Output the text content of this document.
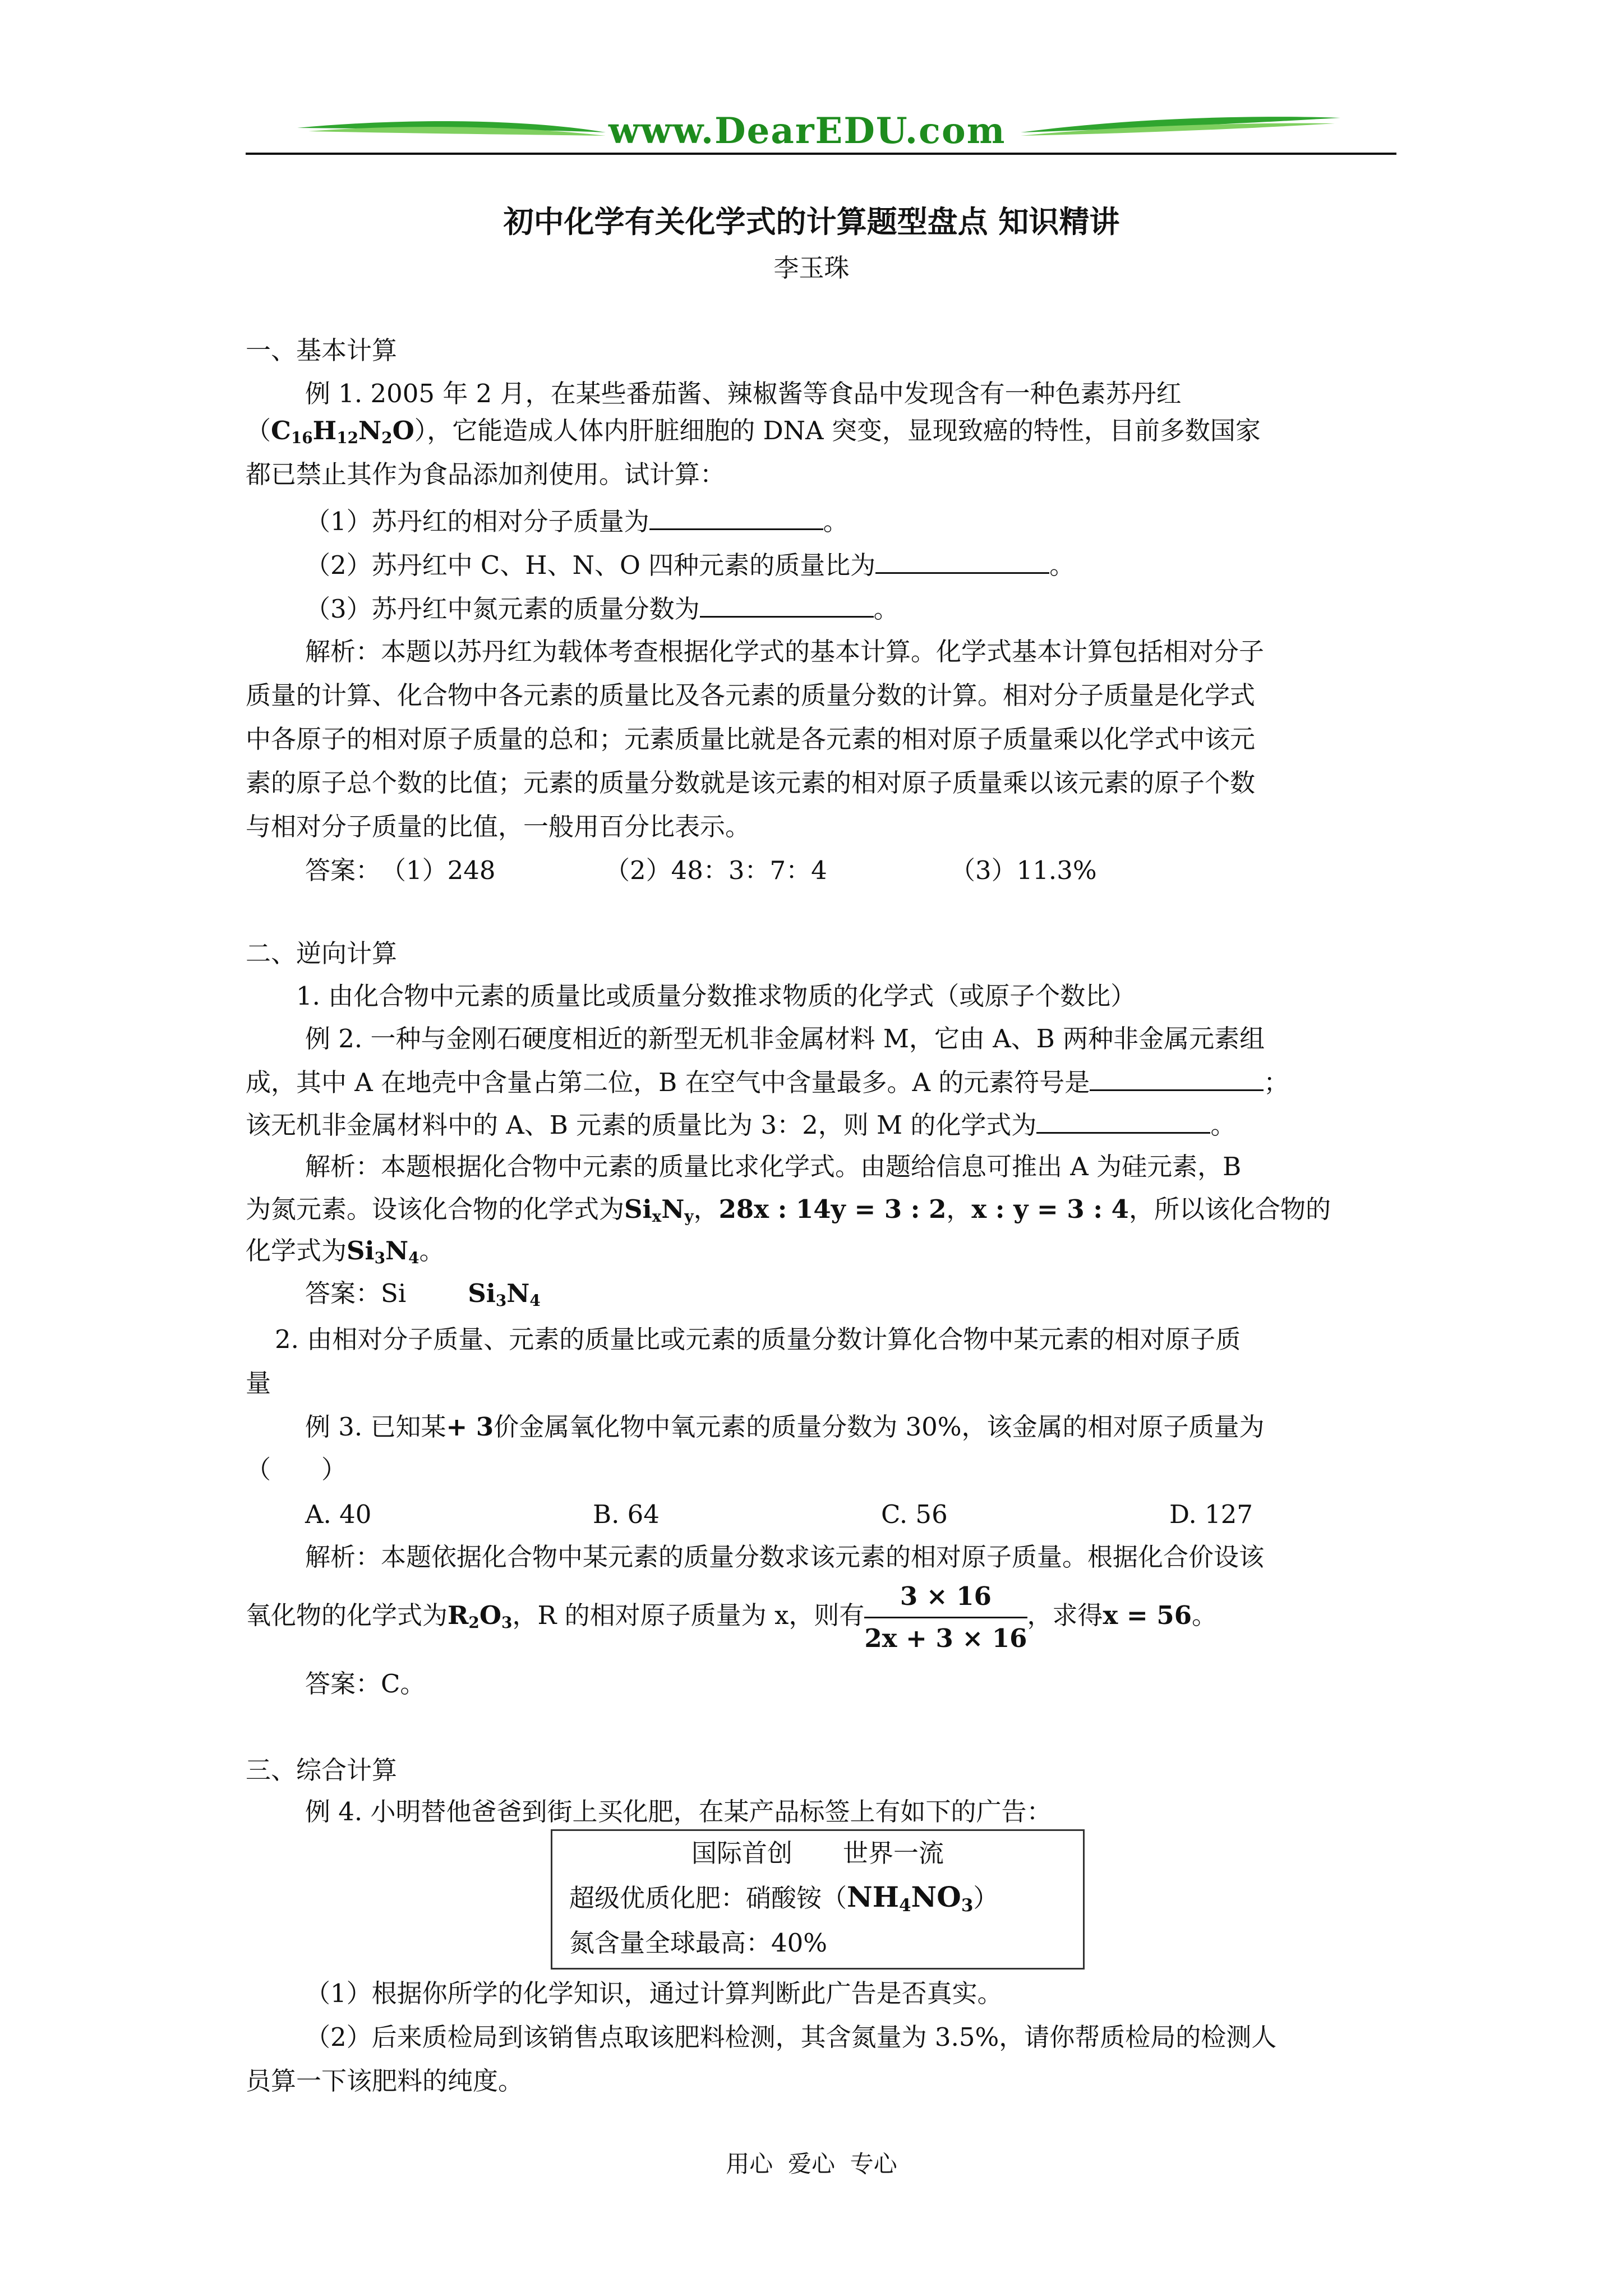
www.DearEDU.com
初中化学有关化学式的计算题型盘点 知识精讲
李玉珠
一、基本计算
例 1. 2005 年 2 月，在某些番茄酱、辣椒酱等食品中发现含有一种色素苏丹红
$(C_{16}H_{12}N_2O)$，它能造成人体内肝脏细胞的 DNA 突变，显现致癌的特性，目前多数国家
都已禁止其作为食品添加剂使用。试计算：
（1）苏丹红的相对分子质量为	。
（2）苏丹红中 C、H、N、O 四种元素的质量比为	。
（3）苏丹红中氮元素的质量分数为	。
解析：本题以苏丹红为载体考查根据化学式的基本计算。化学式基本计算包括相对分子
质量的计算、化合物中各元素的质量比及各元素的质量分数的计算。相对分子质量是化学式
中各原子的相对原子质量的总和；元素质量比就是各元素的相对原子质量乘以化学式中该元
素的原子总个数的比值；元素的质量分数就是该元素的相对原子质量乘以该元素的原子个数
与相对分子质量的比值，一般用百分比表示。
答案： （1）248	（2）48：3：7：4	（3）11.3%
二、逆向计算
1. 由化合物中元素的质量比或质量分数推求物质的化学式（或原子个数比）
例 2. 一种与金刚石硬度相近的新型无机非金属材料 M，它由 A、B 两种非金属元素组
成，其中 A 在地壳中含量占第二位，B 在空气中含量最多。A 的元素符号是	；
该无机非金属材料中的 A、B 元素的质量比为 3：2，则 M 的化学式为	。
解析：本题根据化合物中元素的质量比求化学式。由题给信息可推出 A 为硅元素，B
为氮元素。设该化合物的化学式为$Si_xN_y$，28x : 14y = 3 : 2，x : y = 3 : 4，所以该化合物的
化学式为$Si_3N_4$。
答案：Si $Si_3N_4$
2. 由相对分子质量、元素的质量比或元素的质量分数计算化合物中某元素的相对原子质
量
例 3. 已知某+ 3价金属氧化物中氧元素的质量分数为 30%，该金属的相对原子质量为
（　　）
A. 40	B. 64	C. 56	D. 127
解析：本题依据化合物中某元素的质量分数求该元素的相对原子质量。根据化合价设该
氧化物的化学式为$R_2O_3$，R 的相对原子质量为 x，则有 $\frac{3 \times 16}{2x + 3 \times 16}$ ，求得x = 56。
答案：C。
三、综合计算
例 4. 小明替他爸爸到街上买化肥，在某产品标签上有如下的广告：
国际首创　　世界一流
超级优质化肥：硝酸铵$(NH_4NO_3)$
氮含量全球最高：40%
（1）根据你所学的化学知识，通过计算判断此广告是否真实。
（2）后来质检局到该销售点取该肥料检测，其含氮量为 3.5%，请你帮质检局的检测人
员算一下该肥料的纯度。
用心  爱心  专心
